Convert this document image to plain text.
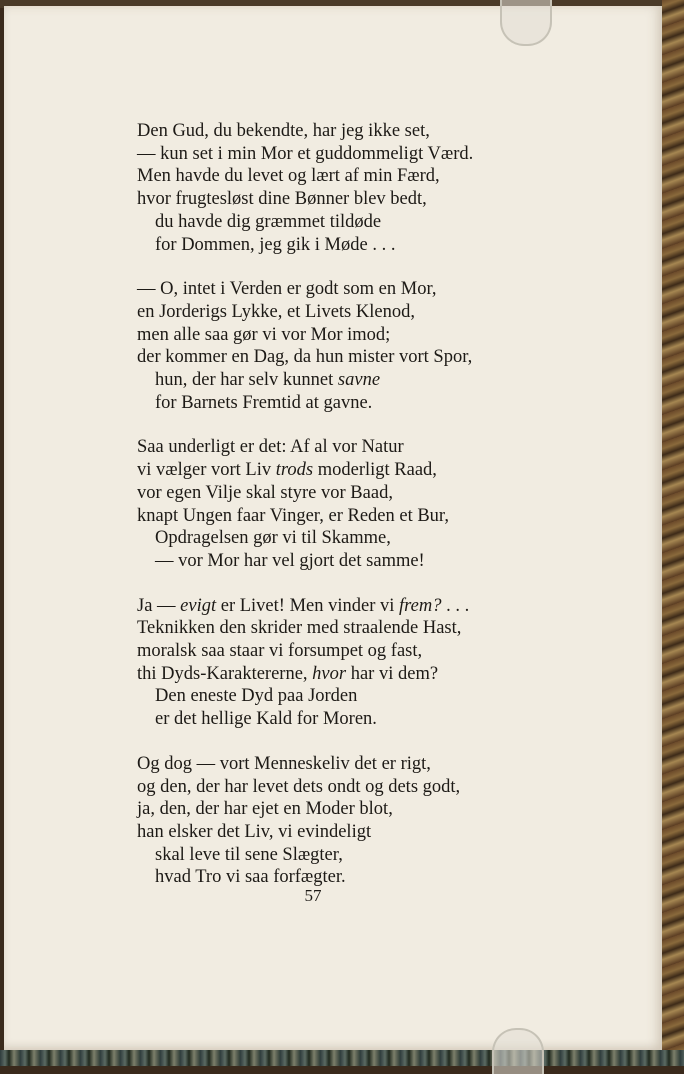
Den Gud, du bekendte, har jeg ikke set,
— kun set i min Mor et guddommeligt Værd.
Men havde du levet og lært af min Færd,
hvor frugtesløst dine Bønner blev bedt,
du havde dig græmmet tildøde
for Dommen, jeg gik i Møde . . .
— O, intet i Verden er godt som en Mor,
en Jorderigs Lykke, et Livets Klenod,
men alle saa gør vi vor Mor imod;
der kommer en Dag, da hun mister vort Spor,
hun, der har selv kunnet savne
for Barnets Fremtid at gavne.
Saa underligt er det: Af al vor Natur
vi vælger vort Liv trods moderligt Raad,
vor egen Vilje skal styre vor Baad,
knapt Ungen faar Vinger, er Reden et Bur,
Opdragelsen gør vi til Skamme,
— vor Mor har vel gjort det samme!
Ja — evigt er Livet! Men vinder vi frem? . . .
Teknikken den skrider med straalende Hast,
moralsk saa staar vi forsumpet og fast,
thi Dyds-Karaktererne, hvor har vi dem?
Den eneste Dyd paa Jorden
er det hellige Kald for Moren.
Og dog — vort Menneskeliv det er rigt,
og den, der har levet dets ondt og dets godt,
ja, den, der har ejet en Moder blot,
han elsker det Liv, vi evindeligt
skal leve til sene Slægter,
hvad Tro vi saa forfægter.
57
